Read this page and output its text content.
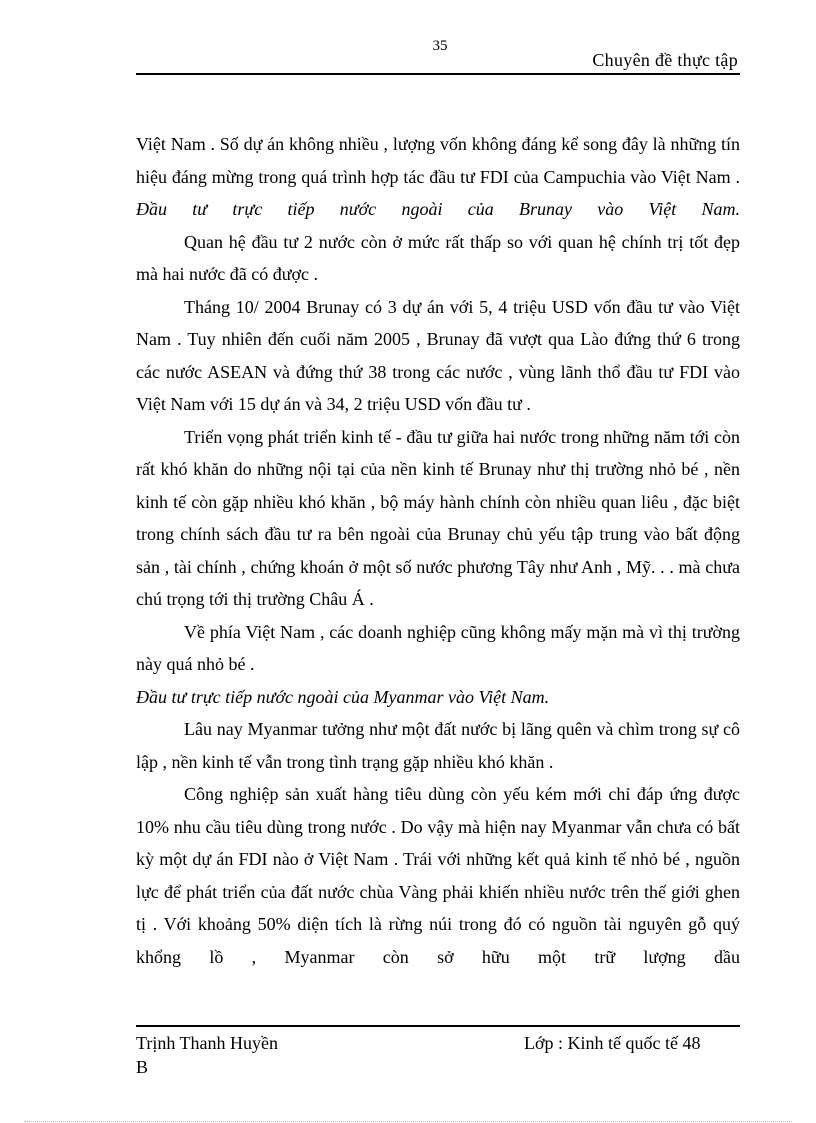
35
Chuyên đề thực tập

Việt Nam . Số dự án không nhiều , lượng vốn không đáng kể song đây là những tín hiệu đáng mừng trong quá trình hợp tác đầu tư FDI của Campuchia vào Việt Nam .

Đầu tư trực tiếp nước ngoài của Brunay vào Việt Nam.

Quan hệ đầu tư 2 nước còn ở mức rất thấp so với quan hệ chính trị tốt đẹp mà hai nước đã có được .

Tháng 10/ 2004 Brunay có 3 dự án với 5, 4 triệu USD vốn đầu tư vào Việt Nam . Tuy nhiên đến cuối năm 2005 , Brunay đã vượt qua Lào đứng thứ 6 trong các nước ASEAN và đứng thứ 38 trong các nước , vùng lãnh thổ đầu tư FDI vào Việt Nam với 15 dự án và 34, 2 triệu USD vốn đầu tư .

Triển vọng phát triển kinh tế - đầu tư giữa hai nước trong những năm tới còn rất khó khăn do những nội tại của nền kinh tế Brunay như thị trường nhỏ bé , nền kinh tế còn gặp nhiều khó khăn , bộ máy hành chính còn nhiều quan liêu , đặc biệt trong chính sách đầu tư ra bên ngoài của Brunay chủ yếu tập trung vào bất động sản , tài chính , chứng khoán ở một số nước phương Tây như Anh , Mỹ. . . mà chưa chú trọng tới thị trường Châu Á .

Về phía Việt Nam , các doanh nghiệp cũng không mấy mặn mà vì thị trường này quá nhỏ bé .

Đầu tư trực tiếp nước ngoài của Myanmar vào Việt Nam.

Lâu nay Myanmar tưởng như một đất nước bị lãng quên và chìm trong sự cô lập , nền kinh tế vẫn trong tình trạng gặp nhiều khó khăn .

Công nghiệp sản xuất hàng tiêu dùng còn yếu kém mới chỉ đáp ứng được 10% nhu cầu tiêu dùng trong nước . Do vậy mà hiện nay Myanmar vẫn chưa có bất kỳ một dự án FDI nào ở Việt Nam . Trái với những kết quả kinh tế nhỏ bé , nguồn lực để phát triển của đất nước chùa Vàng phải khiến nhiều nước trên thế giới ghen tị . Với khoảng 50% diện tích là rừng núi trong đó có nguồn tài nguyên gỗ quý khổng lồ , Myanmar còn sở hữu một trữ lượng dầu

Trịnh Thanh Huyền
B
Lớp : Kinh tế quốc tế 48
